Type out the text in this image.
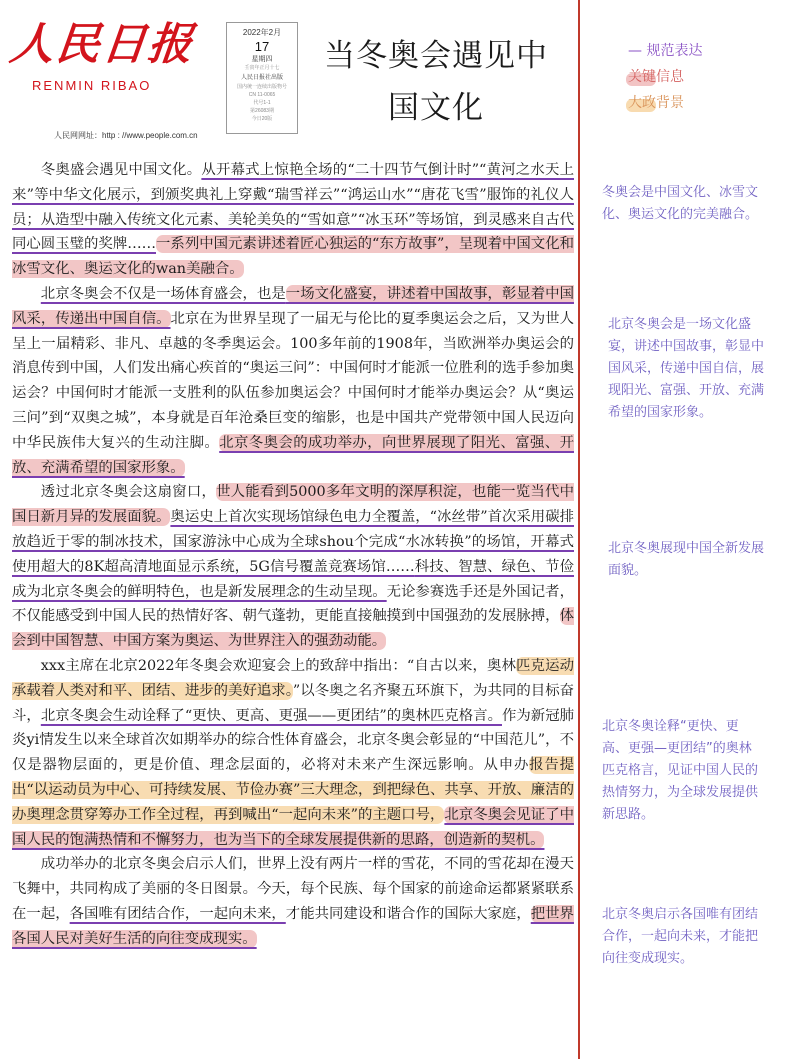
人民日报
RENMIN RIBAO
人民网网址：http : //www.people.com.cn
2022年2月
17
星期四
壬寅年正月十七
人民日报社出版
国内统一连续出版物号
CN 11-0065
代号1-1
第26083期
今日20版
当冬奥会遇见中
国文化
— 规范表达
关键信息
大政背景

冬奥盛会遇见中国文化。从开幕式上惊艳全场的“二十四节气倒计时”“黄河之水天上来”等中华文化展示，到颁奖典礼上穿戴“瑞雪祥云”“鸿运山水”“唐花飞雪”服饰的礼仪人员；从造型中融入传统文化元素、美轮美奂的“雪如意”“冰玉环”等场馆，到灵感来自古代同心圆玉璧的奖牌……一系列中国元素讲述着匠心独运的“东方故事”，呈现着中国文化和冰雪文化、奥运文化的wan美融合。

北京冬奥会不仅是一场体育盛会，也是一场文化盛宴，讲述着中国故事，彰显着中国风采，传递出中国自信。北京在为世界呈现了一届无与伦比的夏季奥运会之后，又为世人呈上一届精彩、非凡、卓越的冬季奥运会。100多年前的1908年，当欧洲举办奥运会的消息传到中国，人们发出痛心疾首的“奥运三问”：中国何时才能派一位胜利的选手参加奥运会？中国何时才能派一支胜利的队伍参加奥运会？中国何时才能举办奥运会？从“奥运三问”到“双奥之城”，本身就是百年沧桑巨变的缩影，也是中国共产党带领中国人民迈向中华民族伟大复兴的生动注脚。北京冬奥会的成功举办，向世界展现了阳光、富强、开放、充满希望的国家形象。

透过北京冬奥会这扇窗口，世人能看到5000多年文明的深厚积淀，也能一览当代中国日新月异的发展面貌。奥运史上首次实现场馆绿色电力全覆盖，“冰丝带”首次采用碳排放趋近于零的制冰技术，国家游泳中心成为全球shou个完成“水冰转换”的场馆，开幕式使用超大的8K超高清地面显示系统，5G信号覆盖竞赛场馆……科技、智慧、绿色、节俭成为北京冬奥会的鲜明特色，也是新发展理念的生动呈现。无论参赛选手还是外国记者，不仅能感受到中国人民的热情好客、朝气蓬勃，更能直接触摸到中国强劲的发展脉搏，体会到中国智慧、中国方案为奥运、为世界注入的强劲动能。

xxx主席在北京2022年冬奥会欢迎宴会上的致辞中指出：“自古以来，奥林匹克运动承载着人类对和平、团结、进步的美好追求。”以冬奥之名齐聚五环旗下，为共同的目标奋斗，北京冬奥会生动诠释了“更快、更高、更强——更团结”的奥林匹克格言。作为新冠肺炎yi情发生以来全球首次如期举办的综合性体育盛会，北京冬奥会彰显的“中国范儿”，不仅是器物层面的，更是价值、理念层面的，必将对未来产生深远影响。从申办报告提出“以运动员为中心、可持续发展、节俭办赛”三大理念，到把绿色、共享、开放、廉洁的办奥理念贯穿筹办工作全过程，再到喊出“一起向未来”的主题口号，北京冬奥会见证了中国人民的饱满热情和不懈努力，也为当下的全球发展提供新的思路，创造新的契机。

成功举办的北京冬奥会启示人们，世界上没有两片一样的雪花，不同的雪花却在漫天飞舞中，共同构成了美丽的冬日图景。今天，每个民族、每个国家的前途命运都紧紧联系在一起，各国唯有团结合作，一起向未来，才能共同建设和谐合作的国际大家庭，把世界各国人民对美好生活的向往变成现实。

冬奥会是中国文化、冰雪文化、奥运文化的完美融合。
北京冬奥会是一场文化盛宴，讲述中国故事，彰显中国风采，传递中国自信，展现阳光、富强、开放、充满希望的国家形象。
北京冬奥展现中国全新发展面貌。
北京冬奥诠释“更快、更高、更强—更团结”的奥林匹克格言，见证中国人民的热情努力，为全球发展提供新思路。
北京冬奥启示各国唯有团结合作，一起向未来，才能把向往变成现实。
